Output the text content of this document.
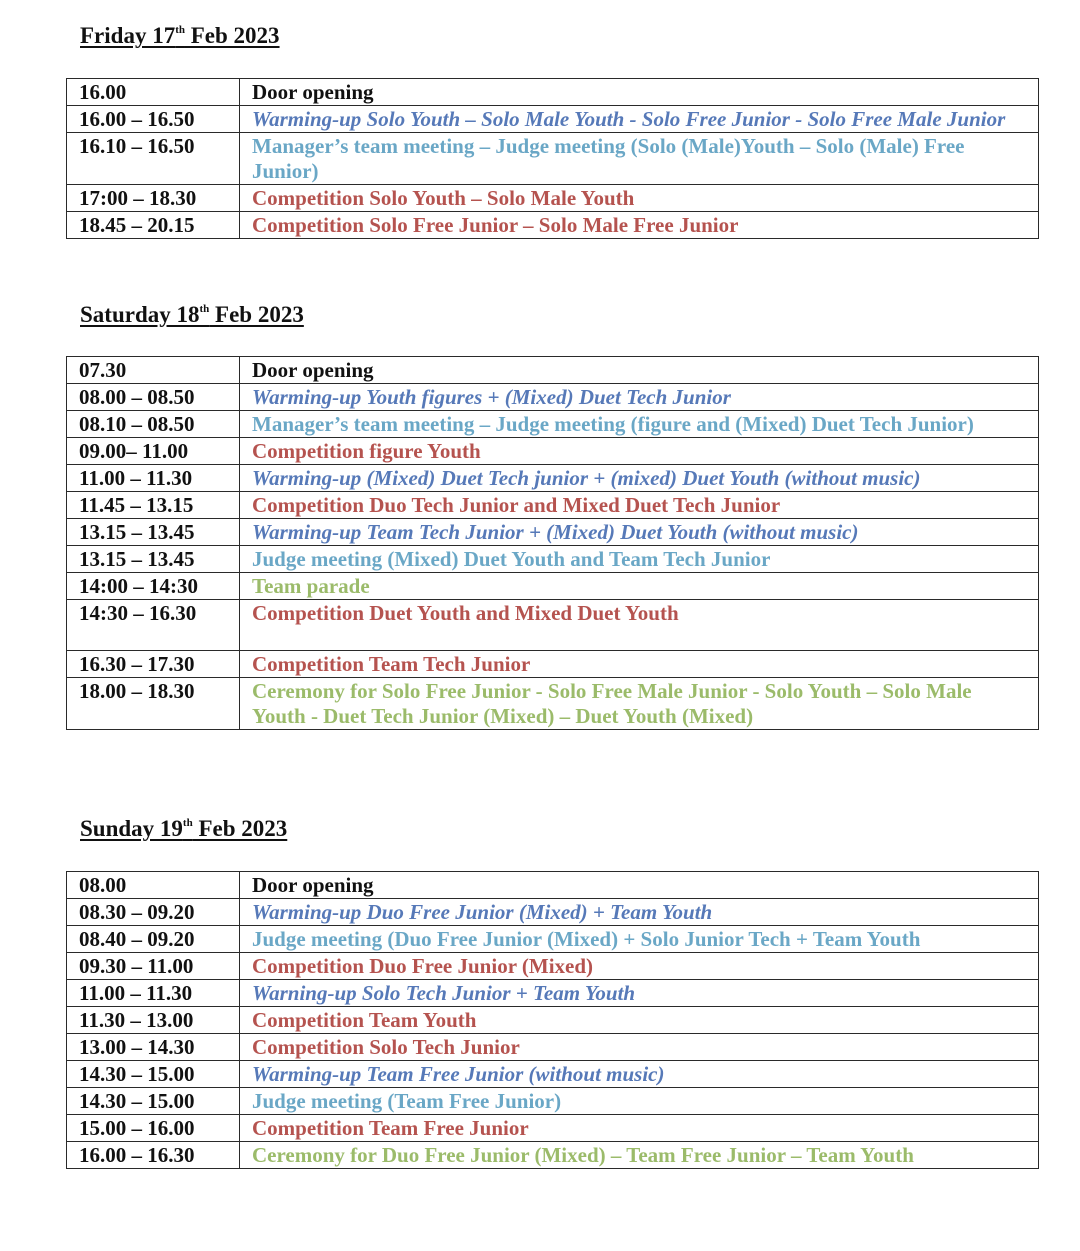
Friday 17th Feb 2023
16.00	Door opening
16.00 – 16.50	Warming-up Solo Youth – Solo Male Youth - Solo Free Junior - Solo Free Male Junior
16.10 – 16.50	Manager’s team meeting – Judge meeting (Solo (Male)Youth – Solo (Male) Free Junior)
17:00 – 18.30	Competition Solo Youth – Solo Male Youth
18.45 – 20.15	Competition Solo Free Junior – Solo Male Free Junior
Saturday 18th Feb 2023
07.30	Door opening
08.00 – 08.50	Warming-up Youth figures + (Mixed) Duet Tech Junior
08.10 – 08.50	Manager’s team meeting – Judge meeting (figure and (Mixed) Duet Tech Junior)
09.00– 11.00	Competition figure Youth
11.00 – 11.30	Warming-up (Mixed) Duet Tech junior + (mixed) Duet Youth (without music)
11.45 – 13.15	Competition Duo Tech Junior and Mixed Duet Tech Junior
13.15 – 13.45	Warming-up Team Tech Junior + (Mixed) Duet Youth (without music)
13.15 – 13.45	Judge meeting (Mixed) Duet Youth and Team Tech Junior
14:00 – 14:30	Team parade
14:30 – 16.30	Competition Duet Youth and Mixed Duet Youth
16.30 – 17.30	Competition Team Tech Junior
18.00 – 18.30	Ceremony for Solo Free Junior - Solo Free Male Junior - Solo Youth – Solo Male Youth - Duet Tech Junior (Mixed) – Duet Youth (Mixed)
Sunday 19th Feb 2023
08.00	Door opening
08.30 – 09.20	Warming-up Duo Free Junior (Mixed) + Team Youth
08.40 – 09.20	Judge meeting (Duo Free Junior (Mixed) + Solo Junior Tech + Team Youth
09.30 – 11.00	Competition Duo Free Junior (Mixed)
11.00 – 11.30	Warning-up Solo Tech Junior + Team Youth
11.30 – 13.00	Competition Team Youth
13.00 – 14.30	Competition Solo Tech Junior
14.30 – 15.00	Warming-up Team Free Junior (without music)
14.30 – 15.00	Judge meeting (Team Free Junior)
15.00 – 16.00	Competition Team Free Junior
16.00 – 16.30	Ceremony for Duo Free Junior (Mixed) – Team Free Junior – Team Youth
